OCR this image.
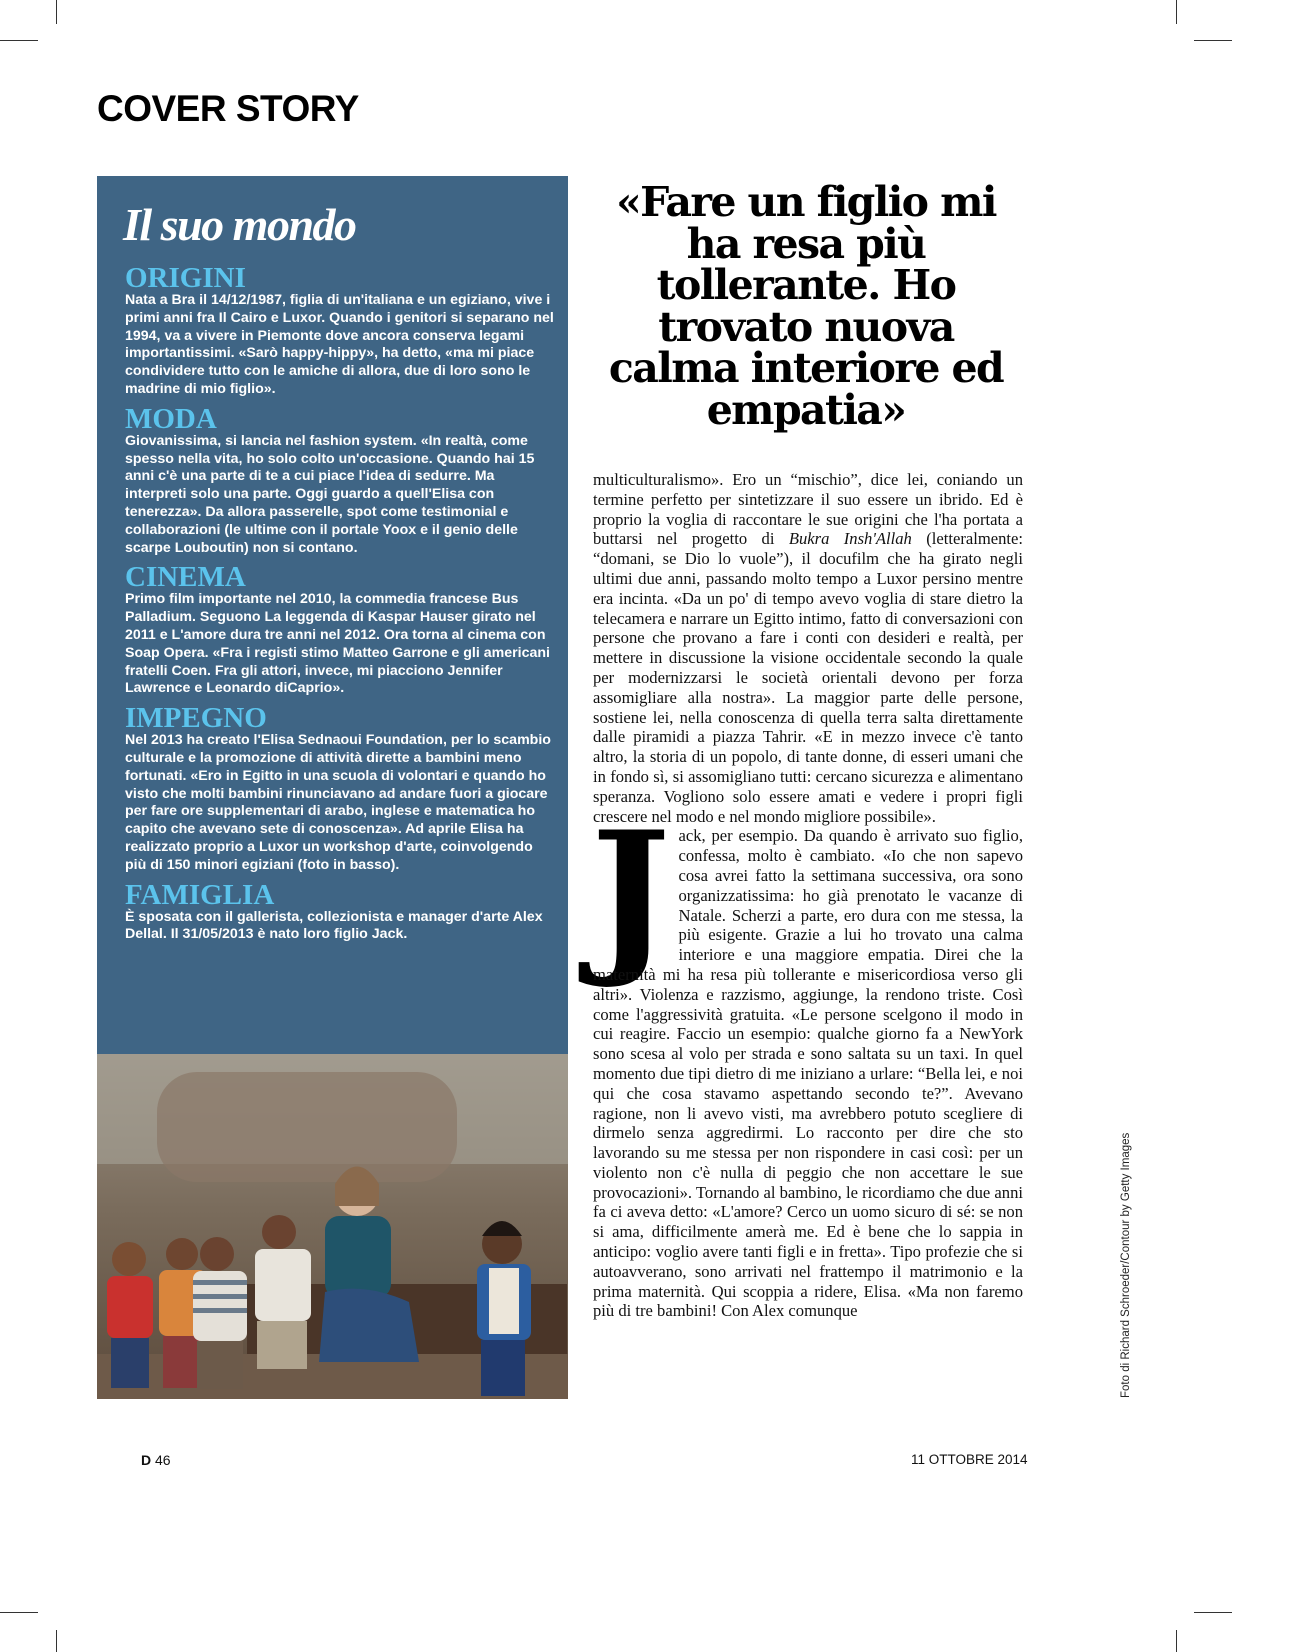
COVER STORY
Il suo mondo
ORIGINI
Nata a Bra il 14/12/1987, figlia di un'italiana e un egiziano, vive i primi anni fra Il Cairo e Luxor. Quando i genitori si separano nel 1994, va a vivere in Piemonte dove ancora conserva legami importantissimi. «Sarò happy-hippy», ha detto, «ma mi piace condividere tutto con le amiche di allora, due di loro sono le madrine di mio figlio».
MODA
Giovanissima, si lancia nel fashion system. «In realtà, come spesso nella vita, ho solo colto un'occasione. Quando hai 15 anni c'è una parte di te a cui piace l'idea di sedurre. Ma interpreti solo una parte. Oggi guardo a quell'Elisa con tenerezza». Da allora passerelle, spot come testimonial e collaborazioni (le ultime con il portale Yoox e il genio delle scarpe Louboutin) non si contano.
CINEMA
Primo film importante nel 2010, la commedia francese Bus Palladium. Seguono La leggenda di Kaspar Hauser girato nel 2011 e L'amore dura tre anni nel 2012. Ora torna al cinema con Soap Opera. «Fra i registi stimo Matteo Garrone e gli americani fratelli Coen. Fra gli attori, invece, mi piacciono Jennifer Lawrence e Leonardo diCaprio».
IMPEGNO
Nel 2013 ha creato l'Elisa Sednaoui Foundation, per lo scambio culturale e la promozione di attività dirette a bambini meno fortunati. «Ero in Egitto in una scuola di volontari e quando ho visto che molti bambini rinunciavano ad andare fuori a giocare per fare ore supplementari di arabo, inglese e matematica ho capito che avevano sete di conoscenza». Ad aprile Elisa ha realizzato proprio a Luxor un workshop d'arte, coinvolgendo più di 150 minori egiziani (foto in basso).
FAMIGLIA
È sposata con il gallerista, collezionista e manager d'arte Alex Dellal. Il 31/05/2013 è nato loro figlio Jack.
«Fare un figlio mi ha resa più tollerante. Ho trovato nuova calma interiore ed empatia»

multiculturalismo». Ero un “mischio”, dice lei, coniando un termine perfetto per sintetizzare il suo essere un ibrido. Ed è proprio la voglia di raccontare le sue origini che l'ha portata a buttarsi nel progetto di Bukra Insh'Allah (letteralmente: “domani, se Dio lo vuole”), il docufilm che ha girato negli ultimi due anni, passando molto tempo a Luxor persino mentre era incinta. «Da un po' di tempo avevo voglia di stare dietro la telecamera e narrare un Egitto intimo, fatto di conversazioni con persone che provano a fare i conti con desideri e realtà, per mettere in discussione la visione occidentale secondo la quale per modernizzarsi le società orientali devono per forza assomigliare alla nostra». La maggior parte delle persone, sostiene lei, nella conoscenza di quella terra salta direttamente dalle piramidi a piazza Tahrir. «E in mezzo invece c'è tanto altro, la storia di un popolo, di tante donne, di esseri umani che in fondo sì, si assomigliano tutti: cercano sicurezza e alimentano speranza. Vogliono solo essere amati e vedere i propri figli crescere nel modo e nel mondo migliore possibile».

Jack, per esempio. Da quando è arrivato suo figlio, confessa, molto è cambiato. «Io che non sapevo cosa avrei fatto la settimana successiva, ora sono organizzatissima: ho già prenotato le vacanze di Natale. Scherzi a parte, ero dura con me stessa, la più esigente. Grazie a lui ho trovato una calma interiore e una maggiore empatia. Direi che la maternità mi ha resa più tollerante e misericordiosa verso gli altri». Violenza e razzismo, aggiunge, la rendono triste. Così come l'aggressività gratuita. «Le persone scelgono il modo in cui reagire. Faccio un esempio: qualche giorno fa a NewYork sono scesa al volo per strada e sono saltata su un taxi. In quel momento due tipi dietro di me iniziano a urlare: “Bella lei, e noi qui che cosa stavamo aspettando secondo te?”. Avevano ragione, non li avevo visti, ma avrebbero potuto scegliere di dirmelo senza aggredirmi. Lo racconto per dire che sto lavorando su me stessa per non rispondere in casi così: per un violento non c'è nulla di peggio che non accettare le sue provocazioni». Tornando al bambino, le ricordiamo che due anni fa ci aveva detto: «L'amore? Cerco un uomo sicuro di sé: se non si ama, difficilmente amerà me. Ed è bene che lo sappia in anticipo: voglio avere tanti figli e in fretta». Tipo profezie che si autoavverano, sono arrivati nel frattempo il matrimonio e la prima maternità. Qui scoppia a ridere, Elisa. «Ma non faremo più di tre bambini! Con Alex comunque	Foto di Richard Schroeder/Contour by Getty Images
D 46	11 OTTOBRE 2014
